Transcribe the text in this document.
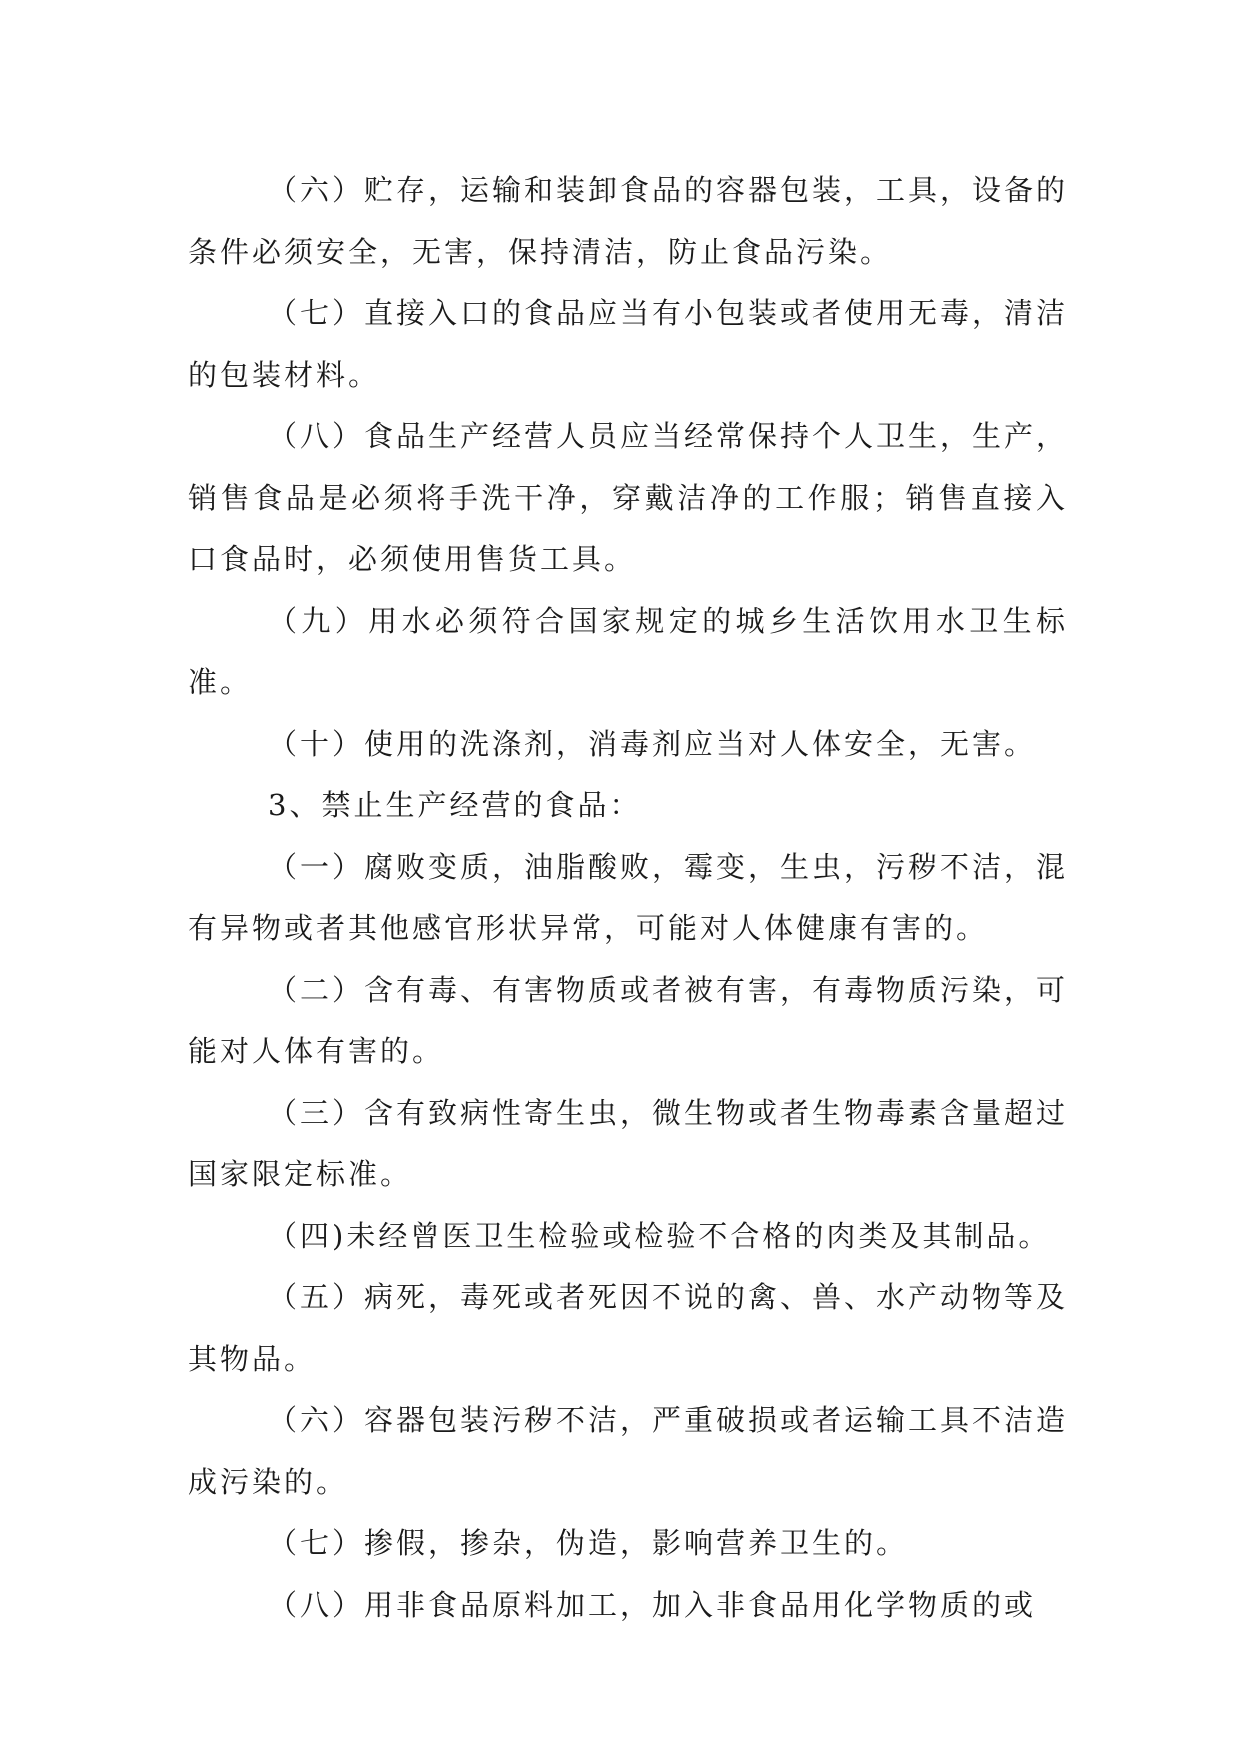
（六）贮存，运输和装卸食品的容器包装，工具，设备的条件必须安全，无害，保持清洁，防止食品污染。

（七）直接入口的食品应当有小包装或者使用无毒，清洁的包装材料。

（八）食品生产经营人员应当经常保持个人卫生，生产，销售食品是必须将手洗干净，穿戴洁净的工作服；销售直接入口食品时，必须使用售货工具。

（九）用水必须符合国家规定的城乡生活饮用水卫生标准。

（十）使用的洗涤剂，消毒剂应当对人体安全，无害。

3、禁止生产经营的食品：

（一）腐败变质，油脂酸败，霉变，生虫，污秽不洁，混有异物或者其他感官形状异常，可能对人体健康有害的。

（二）含有毒、有害物质或者被有害，有毒物质污染，可能对人体有害的。

（三）含有致病性寄生虫，微生物或者生物毒素含量超过国家限定标准。

（四)未经曾医卫生检验或检验不合格的肉类及其制品。

（五）病死，毒死或者死因不说的禽、兽、水产动物等及其物品。

（六）容器包装污秽不洁，严重破损或者运输工具不洁造成污染的。

（七）掺假，掺杂，伪造，影响营养卫生的。

（八）用非食品原料加工，加入非食品用化学物质的或
